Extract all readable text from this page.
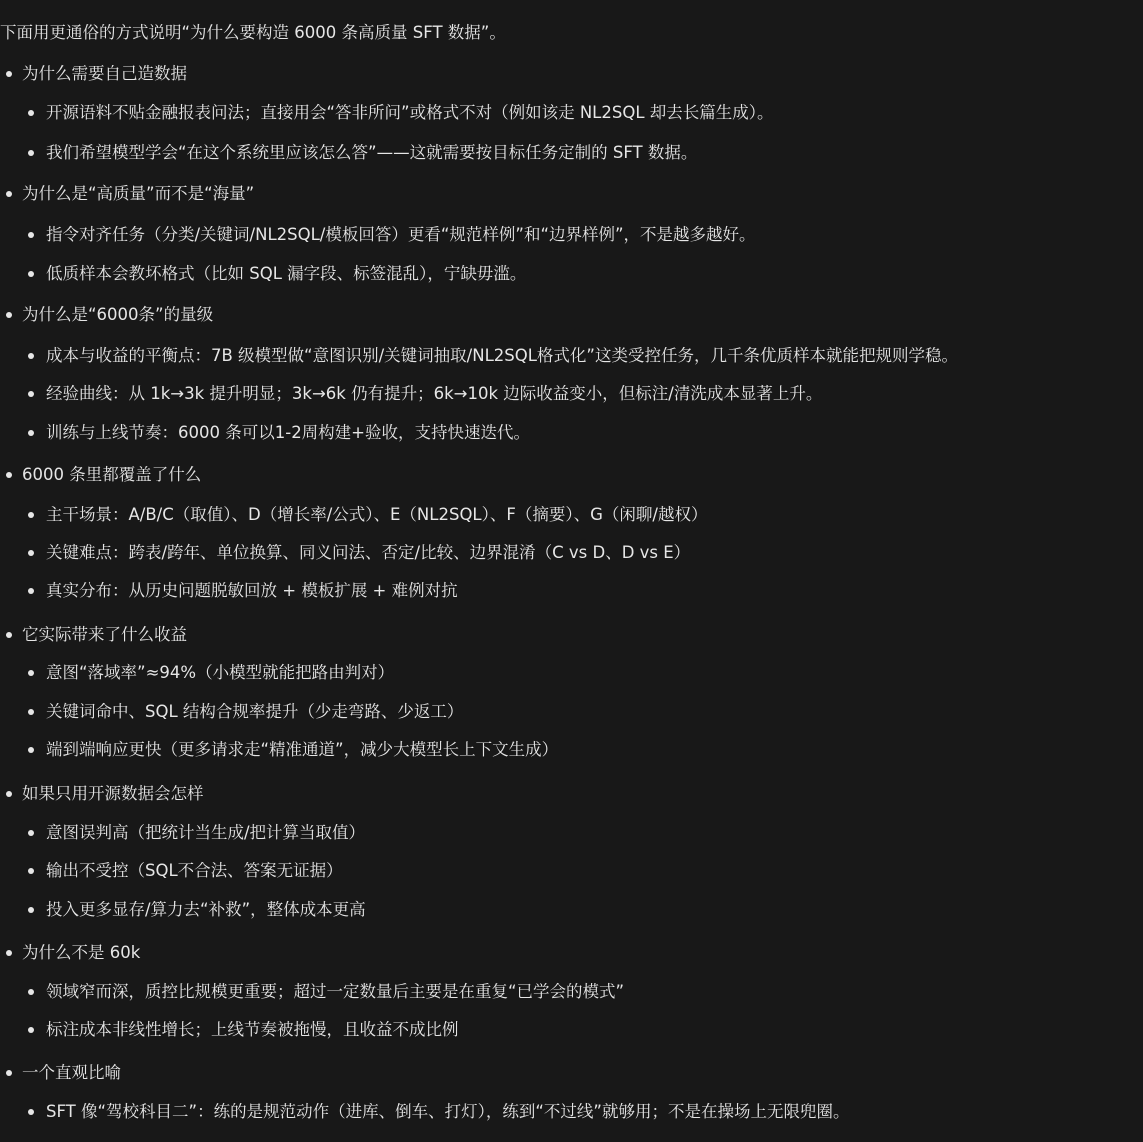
下面用更通俗的方式说明“为什么要构造 6000 条高质量 SFT 数据”。
为什么需要自己造数据
开源语料不贴金融报表问法；直接用会“答非所问”或格式不对（例如该走 NL2SQL 却去长篇生成）。
我们希望模型学会“在这个系统里应该怎么答”——这就需要按目标任务定制的 SFT 数据。
为什么是“高质量”而不是“海量”
指令对齐任务（分类/关键词/NL2SQL/模板回答）更看“规范样例”和“边界样例”，不是越多越好。
低质样本会教坏格式（比如 SQL 漏字段、标签混乱），宁缺毋滥。
为什么是“6000条”的量级
成本与收益的平衡点：7B 级模型做“意图识别/关键词抽取/NL2SQL格式化”这类受控任务，几千条优质样本就能把规则学稳。
经验曲线：从 1k→3k 提升明显；3k→6k 仍有提升；6k→10k 边际收益变小，但标注/清洗成本显著上升。
训练与上线节奏：6000 条可以1-2周构建+验收，支持快速迭代。
6000 条里都覆盖了什么
主干场景：A/B/C（取值）、D（增长率/公式）、E（NL2SQL）、F（摘要）、G（闲聊/越权）
关键难点：跨表/跨年、单位换算、同义问法、否定/比较、边界混淆（C vs D、D vs E）
真实分布：从历史问题脱敏回放 + 模板扩展 + 难例对抗
它实际带来了什么收益
意图“落域率”≈94%（小模型就能把路由判对）
关键词命中、SQL 结构合规率提升（少走弯路、少返工）
端到端响应更快（更多请求走“精准通道”，减少大模型长上下文生成）
如果只用开源数据会怎样
意图误判高（把统计当生成/把计算当取值）
输出不受控（SQL不合法、答案无证据）
投入更多显存/算力去“补救”，整体成本更高
为什么不是 60k
领域窄而深，质控比规模更重要；超过一定数量后主要是在重复“已学会的模式”
标注成本非线性增长；上线节奏被拖慢，且收益不成比例
一个直观比喻
SFT 像“驾校科目二”：练的是规范动作（进库、倒车、打灯），练到“不过线”就够用；不是在操场上无限兜圈。
